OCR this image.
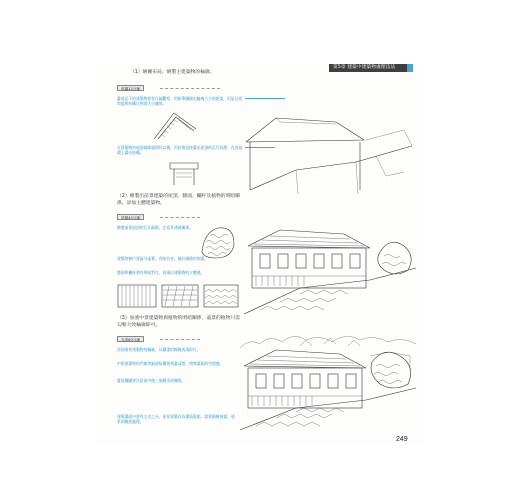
第5章 建築中建築物處理技法
（1）繪圖布局，繪製主建築物的輪廓。
草圖12分鐘
畫前記下的建築物要有仔細觀察，用鉛筆構繪出輪廓大小的框架，但是注意角度和結構比例的大小關係。
在建築物的屋頂細節處理好以後，用針筆直接畫出屋頂的瓦片紋理，在此基礎上畫出結構。
（2）繪製出前景建築的屋頂、牆面、欄杆及植物的明暗關係，添加主體建築物。
草圖45分鐘
繪製前景屋頂的瓦片細節，注意其透視關係。
建築物窗戶要區分虛實，有暗有亮，做好細節的刻畫。
牆面和欄杆要有明暗對比，表現出建築物的立體感。
（3）加強中景建築物與植物的明暗關係，遠景的植物只需勾勒大致輪廓即可。
完成60分鐘
添加遠景建築物的輪廓，以簡潔的線條表現即可。
中景建築物的門窗等細部結構要刻畫清楚，增強畫面的空間感。
畫面構圖要注意前中後三個層次的關係。
建築畫面中要有主次之分，前景建築作為畫面重點，需要細緻刻畫，遠景則概括處理。
249
